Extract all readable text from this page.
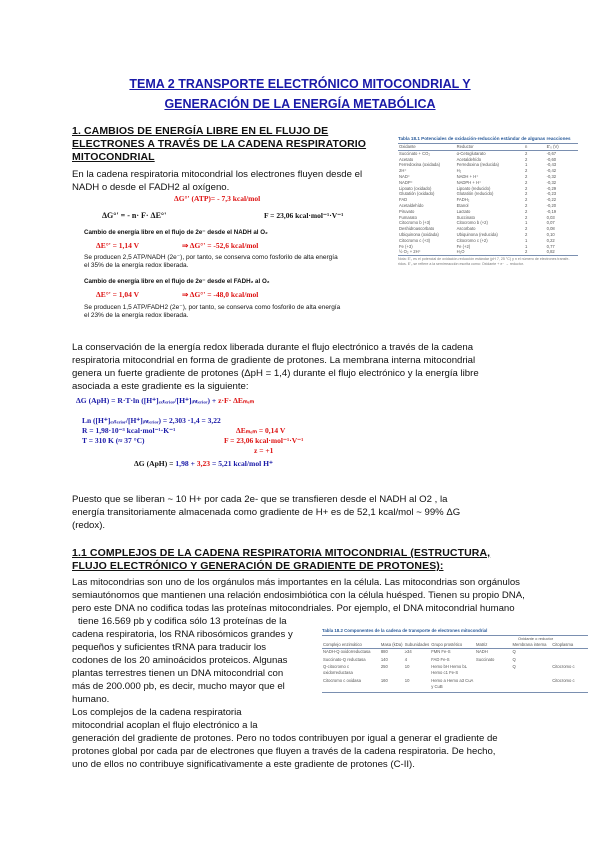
TEMA 2 TRANSPORTE ELECTRÓNICO MITOCONDRIAL Y
GENERACIÓN DE LA ENERGÍA METABÓLICA
1. CAMBIOS DE ENERGÍA LIBRE EN EL FLUJO DE
ELECTRONES A TRAVÉS DE LA CADENA RESPIRATORIO
MITOCONDRIAL
En la cadena respiratoria mitocondrial los electrones fluyen desde el
NADH o desde el FADH2 al oxígeno.
ΔG°' (ATP)= - 7,3 kcal/mol
ΔG°' = - n· F· ΔE°'	F = 23,06 kcal·mol⁻¹·V⁻¹
Cambio de energía libre en el flujo de 2e⁻ desde el NADH al O₂
ΔE°' = 1,14 V	⇒ ΔG°' = -52,6 kcal/mol
Se producen 2,5 ATP/NADH (2e⁻), por tanto, se conserva como fosforilo de alta energía
el 35% de la energía redox liberada.
Cambio de energía libre en el flujo de 2e⁻ desde el FADH₂ al O₂
ΔE°' = 1,04 V	⇒ ΔG°' = -48,0 kcal/mol
Se producen 1,5 ATP/FADH2 (2e⁻), por tanto, se conserva como fosforilo de alta energía
el 23% de la energía redox liberada.
Tabla 18.1 Potenciales de oxidación-reducción estándar de algunas reacciones
Oxidante	Reductor	n	E'₀ (V)
Succinato + CO₂	α-Cetoglutarato	2	-0,67
Acetato	Acetaldehído	2	-0,60
Ferredoxina (oxidada)	Ferredoxina (reducida)	1	-0,43
2H⁺	H₂	2	-0,42
NAD⁺	NADH + H⁺	2	-0,32
NADP⁺	NADPH + H⁺	2	-0,32
Lipoato (oxidado)	Lipoato (reducido)	2	-0,29
Glutatión (oxidado)	Glutatión (reducido)	2	-0,23
FAD	FADH₂	2	-0,22
Acetaldehído	Etanol	2	-0,20
Piruvato	Lactato	2	-0,19
Fumarato	Succinato	2	0,03
Citocromo b (+3)	Citocromo b (+2)	1	0,07
Deshidroascorbato	Ascorbato	2	0,08
Ubiquinona (oxidada)	Ubiquinona (reducida)	2	0,10
Citocromo c (+3)	Citocromo c (+2)	1	0,22
Fe (+3)	Fe (+2)	1	0,77
½ O₂ + 2H⁺	H₂O	2	0,82
Nota: E'₀ es el potencial de oxidación-reducción estándar (pH 7, 25 °C) y n el número de electrones transfe-
ridos. E'₀ se refiere a la semirreacción escrita como: Oxidante + e⁻ → reductor.
La conservación de la energía redox liberada durante el flujo electrónico a través de la cadena
respiratoria mitocondrial en forma de gradiente de protones. La membrana interna mitocondrial
genera un fuerte gradiente de protones (ΔpH = 1,4) durante el flujo electrónico y la energía libre
asociada a este gradiente es la siguiente:
ΔG (ApH) = R·T·ln ([H⁺]ₑₓₜₑᵣᵢₒᵣ/[H⁺]ᵢₙₜₑᵣᵢₒᵣ) + z·F· ΔEₘₑₘ
Ln ([H⁺]ₑₓₜₑᵣᵢₒᵣ/[H⁺]ᵢₙₜₑᵣᵢₒᵣ) = 2,303 ·1,4 = 3,22
R = 1,98·10⁻³ kcal·mol⁻¹·K⁻¹	ΔEₘₑₘ = 0,14 V
T = 310 K (≈ 37 °C)	F = 23,06 kcal·mol⁻¹·V⁻¹
z = +1
ΔG (ApH) = 1,98 + 3,23 = 5,21 kcal/mol H⁺
Puesto que se liberan ~ 10 H+ por cada 2e- que se transfieren desde el NADH al O2 , la
energía transitoriamente almacenada como gradiente de H+ es de 52,1 kcal/mol ~ 99% ΔG
(redox).
1.1 COMPLEJOS DE LA CADENA RESPIRATORIA MITOCONDRIAL (ESTRUCTURA,
FLUJO ELECTRÓNICO Y GENERACIÓN DE GRADIENTE DE PROTONES):
Las mitocondrias son uno de los orgánulos más importantes en la célula. Las mitocondrias son orgánulos
semiautónomos que mantienen una relación endosimbiótica con la célula huésped. Tienen su propio DNA,
pero este DNA no codifica todas las proteínas mitocondriales. Por ejemplo, el DNA mitocondrial humano
tiene 16.569 pb y codifica sólo 13 proteínas de la
cadena respiratoria, los RNA ribosómicos grandes y
pequeños y suficientes tRNA para traducir los
codones de los 20 aminoácidos proteicos. Algunas
plantas terrestres tienen un DNA mitocondrial con
más de 200.000 pb, es decir, mucho mayor que el
humano.
Los complejos de la cadena respiratoria
mitocondrial acoplan el flujo electrónico a la
generación del gradiente de protones. Pero no todos contribuyen por igual a generar el gradiente de
protones global por cada par de electrones que fluyen a través de la cadena respiratoria. De hecho,
uno de ellos no contribuye significativamente a este gradiente de protones (C-II).
Tabla 18.2 Componentes de la cadena de transporte de electrones mitocondrial
Oxidante o reductor
Complejo enzimático	Masa (kDa)	Subunidades	Grupo prostético	Matriz	Membrana interna	Citoplasma
NADH-Q oxidorreductasa	880	≥34	FMN Fe-S	NADH	Q	
Succinato-Q reductasa	140	4	FAD Fe-S	Succinato	Q	
Q-citocromo c oxidorreductasa	250	10	Hemo bH Hemo bL Hemo c1 Fe-S		Q	Citocromo c
Citocromo c oxidasa	160	10	Hemo a Hemo a3 CuA y CuB			Citocromo c
